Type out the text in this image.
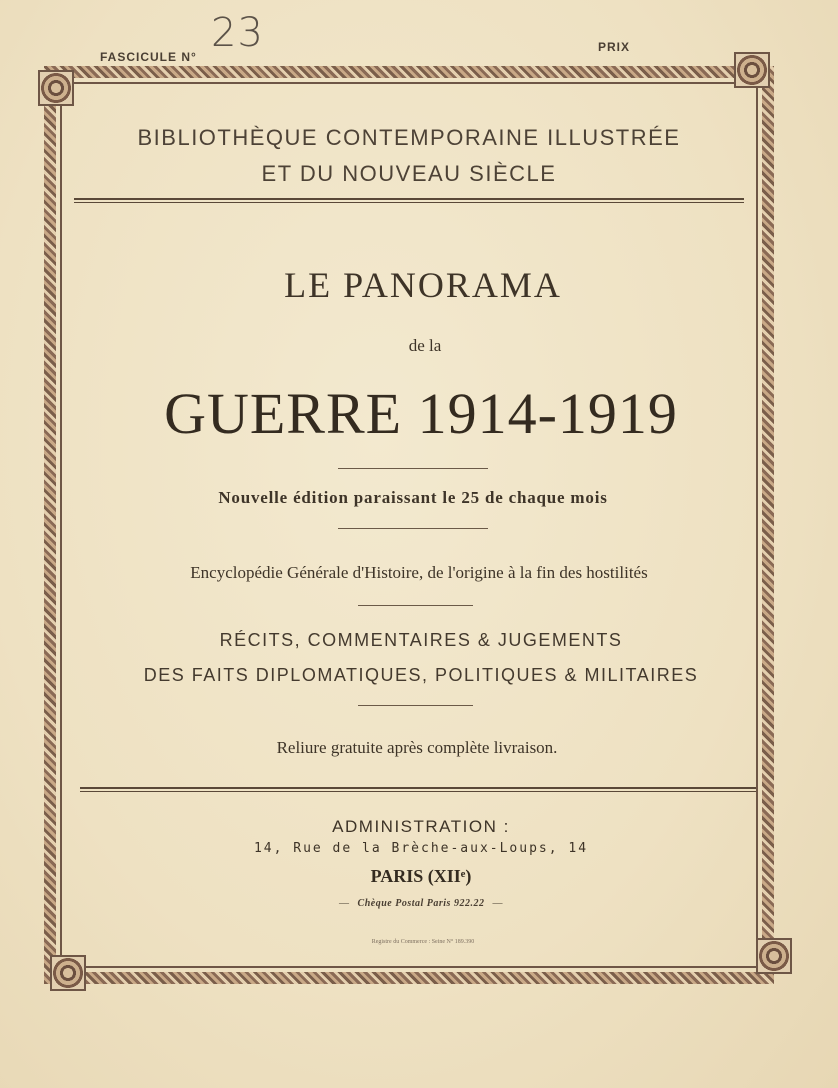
FASCICULE N°
23	PRIX
BIBLIOTHÈQUE CONTEMPORAINE ILLUSTRÉE
ET DU NOUVEAU SIÈCLE
LE PANORAMA
de la
GUERRE 1914-1919
Nouvelle édition paraissant le 25 de chaque mois
Encyclopédie Générale d'Histoire, de l'origine à la fin des hostilités
RÉCITS, COMMENTAIRES & JUGEMENTS
DES FAITS DIPLOMATIQUES, POLITIQUES & MILITAIRES
Reliure gratuite après complète livraison.
ADMINISTRATION :
14, Rue de la Brèche-aux-Loups, 14
PARIS (XIIᵉ)
— Chèque Postal Paris 922.22 —
Registre du Commerce : Seine N° 189.390
